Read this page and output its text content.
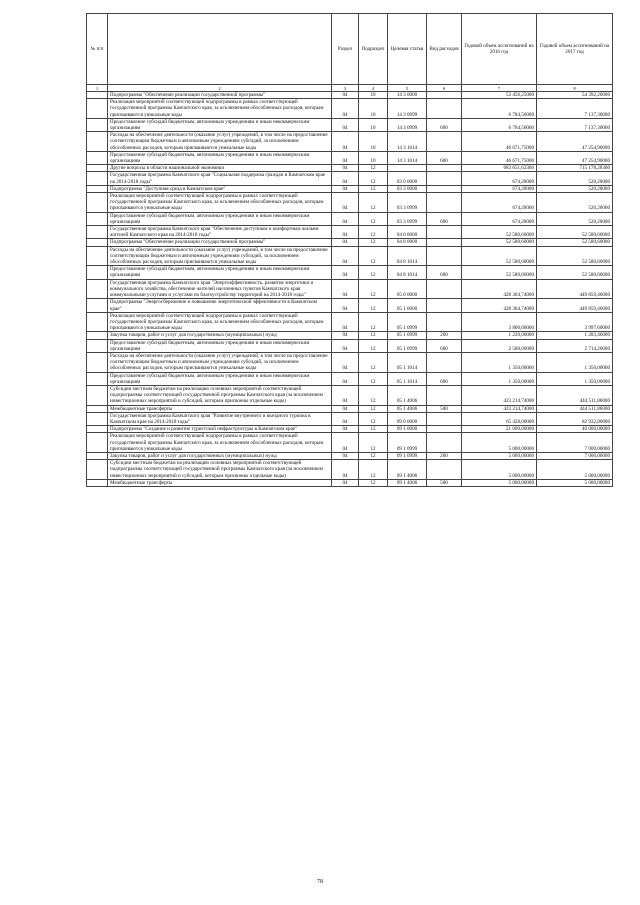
№ п/п		Раздел	Подраздел	Целевая статья	Вид расходов	Годовой объем ассигнований на 2016 год	Годовой объем ассигнований на 2017 год
1	2	3	4	5	6	7	8
	Подпрограмма "Обеспечение реализации государственной программы"	04	10	14 3 0000		53 456,25000	54 392,20000
	Реализация мероприятий соответствующей подпрограммы в рамках соответствующей государственной программы Камчатского края, за исключением обособленных расходов, которым присваиваются уникальные коды	04	10	14 3 0999		6 784,50000	7 137,30000
	Предоставление субсидий бюджетным, автономным учреждениям и иным некоммерческим организациям	04	10	14 3 0999	600	6 784,50000	7 137,30000
	Расходы на обеспечение деятельности (оказание услуг) учреждений, в том числе на предоставление соответствующим бюджетным и автономным учреждениям субсидий, за исключением обособленных расходов, которым присваиваются уникальные коды	04	10	14 3 1014		46 671,75000	47 254,90000
	Предоставление субсидий бюджетным, автономным учреждениям и иным некоммерческим организациям	04	10	14 3 1014	600	46 671,75000	47 254,90000
	Другие вопросы в области национальной экономики	04	12			683 651,62300	715 178,28300
	Государственная программа Камчатского края "Социальная поддержка граждан в Камчатском крае на 2014-2018 годы"	04	12	03 0 0000		674,20000	520,20000
	Подпрограмма "Доступная среда в Камчатском крае"	04	12	03 3 0000		674,20000	520,20000
	Реализация мероприятий соответствующей подпрограммы в рамках соответствующей государственной программы Камчатского края, за исключением обособленных расходов, которым присваиваются уникальные коды	04	12	03 3 0999		674,20000	520,20000
	Предоставление субсидий бюджетным, автономным учреждениям и иным некоммерческим организациям	04	12	03 3 0999	600	674,20000	520,20000
	Государственная программа Камчатского края "Обеспечение доступным и комфортным жильем жителей Камчатского края на 2014-2018 годы"	04	12	04 0 0000		52 580,60000	52 580,60000
	Подпрограмма "Обеспечение реализации государственной программы"	04	12	04 8 0000		52 580,60000	52 580,60000
	Расходы на обеспечение деятельности (оказание услуг) учреждений, в том числе на предоставление соответствующим бюджетным и автономным учреждениям субсидий, за исключением обособленных расходов, которым присваиваются уникальные коды	04	12	04 8 1014		52 580,60000	52 580,60000
	Предоставление субсидий бюджетным, автономным учреждениям и иным некоммерческим организациям	04	12	04 8 1014	600	52 580,60000	52 580,60000
	Государственная программа Камчатского края "Энергоэффективность, развитие энергетики и коммунального хозяйства, обеспечение жителей населенных пунктов Камчатского края коммунальными услугами и услугами по благоустройству территорий на 2014-2018 годы"	04	12	05 0 0000		428 364,74000	449 859,46000
	Подпрограмма "Энергосбережение и повышение энергетической эффективности в Камчатском крае"	04	12	05 1 0000		428 364,74000	449 859,46000
	Реализация мероприятий соответствующей подпрограммы в рамках соответствующей государственной программы Камчатского края, за исключением обособленных расходов, которым присваиваются уникальные коды	04	12	05 1 0999		3 800,00000	3 997,60000
	Закупка товаров, работ и услуг для государственных (муниципальных) нужд	04	12	05 1 0999	200	1 220,00000	1 283,40000
	Предоставление субсидий бюджетным, автономным учреждениям и иным некоммерческим организациям	04	12	05 1 0999	600	2 580,00000	2 714,20000
	Расходы на обеспечение деятельности (оказание услуг) учреждений, в том числе на предоставление соответствующим бюджетным и автономным учреждениям субсидий, за исключением обособленных расходов, которым присваиваются уникальные коды	04	12	05 1 1014		1 350,00000	1 350,00000
	Предоставление субсидий бюджетным, автономным учреждениям и иным некоммерческим организациям	04	12	05 1 1014	600	1 350,00000	1 350,00000
	Субсидии местным бюджетам на реализацию основных мероприятий соответствующей подпрограммы соответствующей государственной программы Камчатского края (за исключением инвестиционных мероприятий и субсидий, которым присвоены отдельные коды)	04	12	05 1 4006		423 214,74000	444 511,86000
	Межбюджетные трансферты	04	12	05 1 4006	500	423 214,74000	444 511,86000
	Государственная программа Камчатского края "Развитие внутреннего и въездного туризма в Камчатском крае на 2014-2018 годы"	04	12	09 0 0000		65 428,00000	82 932,80000
	Подпрограмма "Создание и развитие туристской инфраструктуры в Камчатском крае"	04	12	09 1 0000		21 000,00000	40 000,00000
	Реализация мероприятий соответствующей подпрограммы в рамках соответствующей государственной программы Камчатского края, за исключением обособленных расходов, которым присваиваются уникальные коды	04	12	09 1 0999		5 000,00000	7 000,00000
	Закупка товаров, работ и услуг для государственных (муниципальных) нужд	04	12	09 1 0999	200	5 000,00000	7 000,00000
	Субсидии местным бюджетам на реализацию основных мероприятий соответствующей подпрограммы соответствующей государственной программы Камчатского края (за исключением инвестиционных мероприятий и субсидий, которым присвоены отдельные коды)	04	12	09 1 4006		5 000,00000	5 000,00000
	Межбюджетные трансферты	04	12	09 1 4006	500	5 000,00000	5 000,00000
78
